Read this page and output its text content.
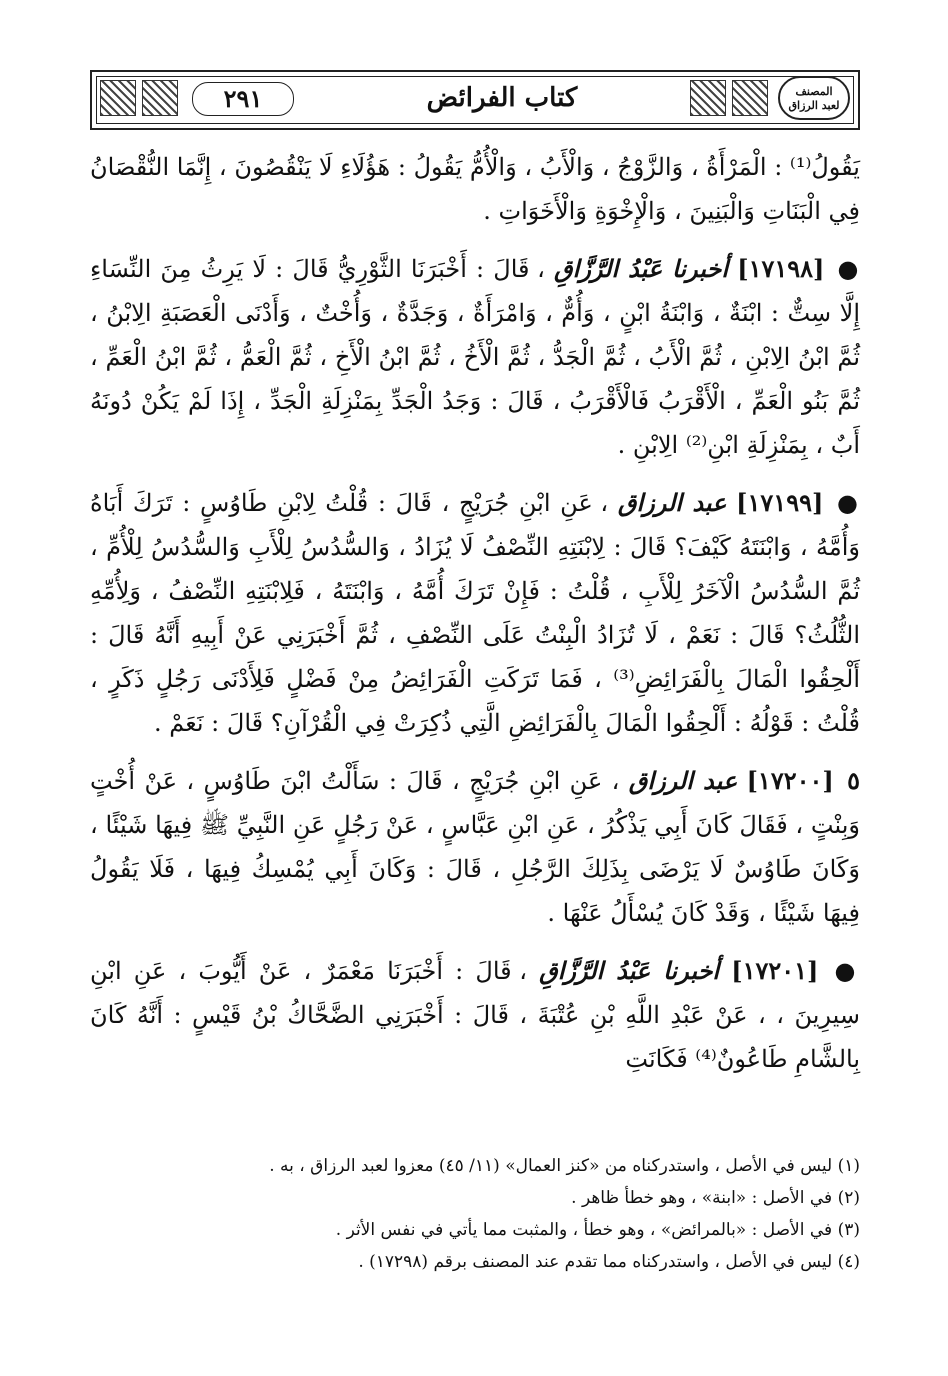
٢٩١	كتاب الفرائض	المصنف
لعبد الرزاق

يَقُولُ⁽¹⁾ : الْمَرْأَةُ ، وَالزَّوْجُ ، وَالْأَبُ ، وَالْأُمُّ يَقُولُ : هَؤُلَاءِ لَا يَنْقُصُونَ ، إِنَّمَا النُّقْصَانُ فِي الْبَنَاتِ وَالْبَنِينَ ، وَالْإِخْوَةِ وَالْأَخَوَاتِ .

● [١٧١٩٨] أخبرنا عَبْدُ الرَّزَّاقِ ، قَالَ : أَخْبَرَنَا الثَّوْرِيُّ قَالَ : لَا يَرِثُ مِنَ النِّسَاءِ إِلَّا سِتٌّ : ابْنَةٌ ، وَابْنَةُ ابْنٍ ، وَأُمٌّ ، وَامْرَأَةٌ ، وَجَدَّةٌ ، وَأُخْتٌ ، وَأَدْنَى الْعَصَبَةِ الِابْنُ ، ثُمَّ ابْنُ الِابْنِ ، ثُمَّ الْأَبُ ، ثُمَّ الْجَدُّ ، ثُمَّ الْأَخُ ، ثُمَّ ابْنُ الْأَخِ ، ثُمَّ الْعَمُّ ، ثُمَّ ابْنُ الْعَمِّ ، ثُمَّ بَنُو الْعَمِّ ، الْأَقْرَبُ فَالْأَقْرَبُ ، قَالَ : وَجَدُ الْجَدِّ بِمَنْزِلَةِ الْجَدِّ ، إِذَا لَمْ يَكُنْ دُونَهُ أَبٌ ، بِمَنْزِلَةِ ابْنِ⁽²⁾ الِابْنِ .

● [١٧١٩٩] عبد الرزاق ، عَنِ ابْنِ جُرَيْجٍ ، قَالَ : قُلْتُ لِابْنِ طَاوُسٍ : تَرَكَ أَبَاهُ وَأُمَّهُ ، وَابْنَتَهُ كَيْفَ؟ قَالَ : لِابْنَتِهِ النِّصْفُ لَا يُزَادُ ، وَالسُّدُسُ لِلْأَبِ وَالسُّدُسُ لِلْأُمِّ ، ثُمَّ السُّدُسُ الْآخَرُ لِلْأَبِ ، قُلْتُ : فَإِنْ تَرَكَ أُمَّهُ ، وَابْنَتَهُ ، فَلِابْنَتِهِ النِّصْفُ ، وَلِأُمِّهِ الثُّلُثُ؟ قَالَ : نَعَمْ ، لَا تُزَادُ الْبِنْتُ عَلَى النِّصْفِ ، ثُمَّ أَخْبَرَنِي عَنْ أَبِيهِ أَنَّهُ قَالَ : أَلْحِقُوا الْمَالَ بِالْفَرَائِضِ⁽³⁾ ، فَمَا تَرَكَتِ الْفَرَائِضُ مِنْ فَضْلٍ فَلِأَدْنَى رَجُلٍ ذَكَرٍ ، قُلْتُ : قَوْلُهُ : أَلْحِقُوا الْمَالَ بِالْفَرَائِضِ الَّتِي ذُكِرَتْ فِي الْقُرْآنِ؟ قَالَ : نَعَمْ .

٥ [١٧٢٠٠] عبد الرزاق ، عَنِ ابْنِ جُرَيْجٍ ، قَالَ : سَأَلْتُ ابْنَ طَاوُسٍ ، عَنْ أُخْتٍ وَبِنْتٍ ، فَقَالَ كَانَ أَبِي يَذْكُرُ ، عَنِ ابْنِ عَبَّاسٍ ، عَنْ رَجُلٍ عَنِ النَّبِيِّ ﷺ فِيهَا شَيْئًا ، وَكَانَ طَاوُسٌ لَا يَرْضَى بِذَلِكَ الرَّجُلِ ، قَالَ : وَكَانَ أَبِي يُمْسِكُ فِيهَا ، فَلَا يَقُولُ فِيهَا شَيْئًا ، وَقَدْ كَانَ يُسْأَلُ عَنْهَا .

● [١٧٢٠١] أخبرنا عَبْدُ الرَّزَّاقِ ، قَالَ : أَخْبَرَنَا مَعْمَرٌ ، عَنْ أَيُّوبَ ، عَنِ ابْنِ سِيرِينَ ، ، عَنْ عَبْدِ اللَّهِ بْنِ عُتْبَةَ ، قَالَ : أَخْبَرَنِي الضَّحَّاكُ بْنُ قَيْسٍ : أَنَّهُ كَانَ بِالشَّامِ طَاعُونٌ⁽⁴⁾ فَكَانَتِ

(١) ليس في الأصل ، واستدركناه من «كنز العمال» (١١/ ٤٥) معزوا لعبد الرزاق ، به .
(٢) في الأصل : «ابنة» ، وهو خطأ ظاهر .
(٣) في الأصل : «بالمرائض» ، وهو خطأ ، والمثبت مما يأتي في نفس الأثر .
(٤) ليس في الأصل ، واستدركناه مما تقدم عند المصنف برقم (١٧٢٩٨) .
